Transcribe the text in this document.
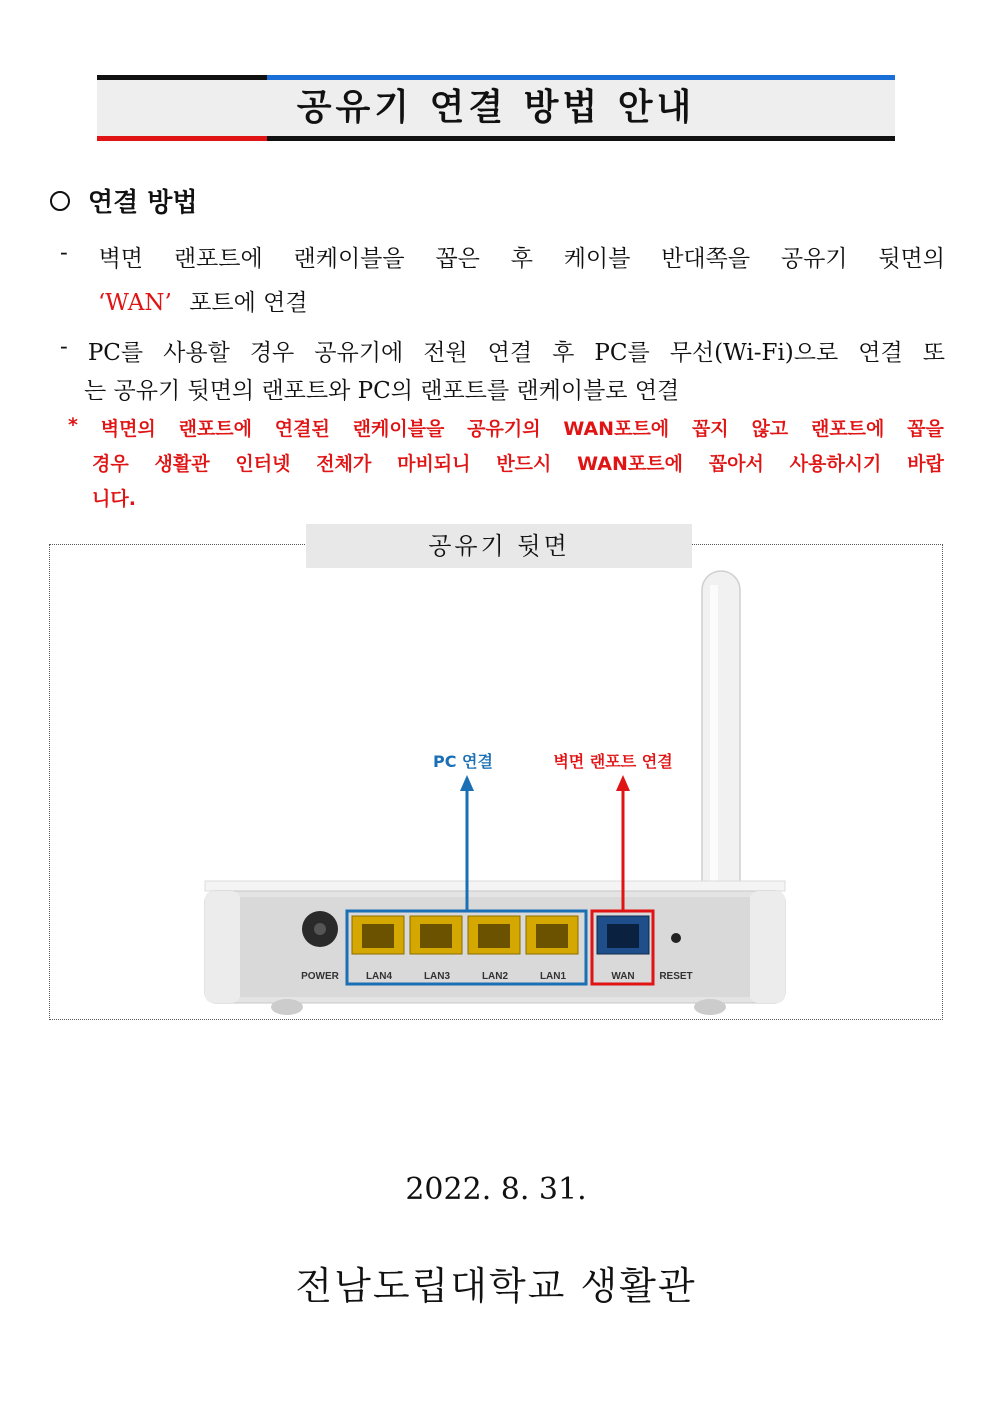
공유기 연결 방법 안내
연결 방법
- 벽면 랜포트에 랜케이블을 꼽은 후 케이블 반대쪽을 공유기 뒷면의
‘WAN’ 포트에 연결
- PC를 사용할 경우 공유기에 전원 연결 후 PC를 무선(Wi-Fi)으로 연결 또
는 공유기 뒷면의 랜포트와 PC의 랜포트를 랜케이블로 연결
* 벽면의 랜포트에 연결된 랜케이블을 공유기의 WAN포트에 꼽지 않고 랜포트에 꼽을
경우 생활관 인터넷 전체가 마비되니 반드시 WAN포트에 꼽아서 사용하시기 바랍
니다.
공유기 뒷면
POWER	LAN4	LAN3	LAN2	LAN1	WAN RESET
PC 연결	벽면 랜포트 연결
2022. 8. 31.
전남도립대학교 생활관
